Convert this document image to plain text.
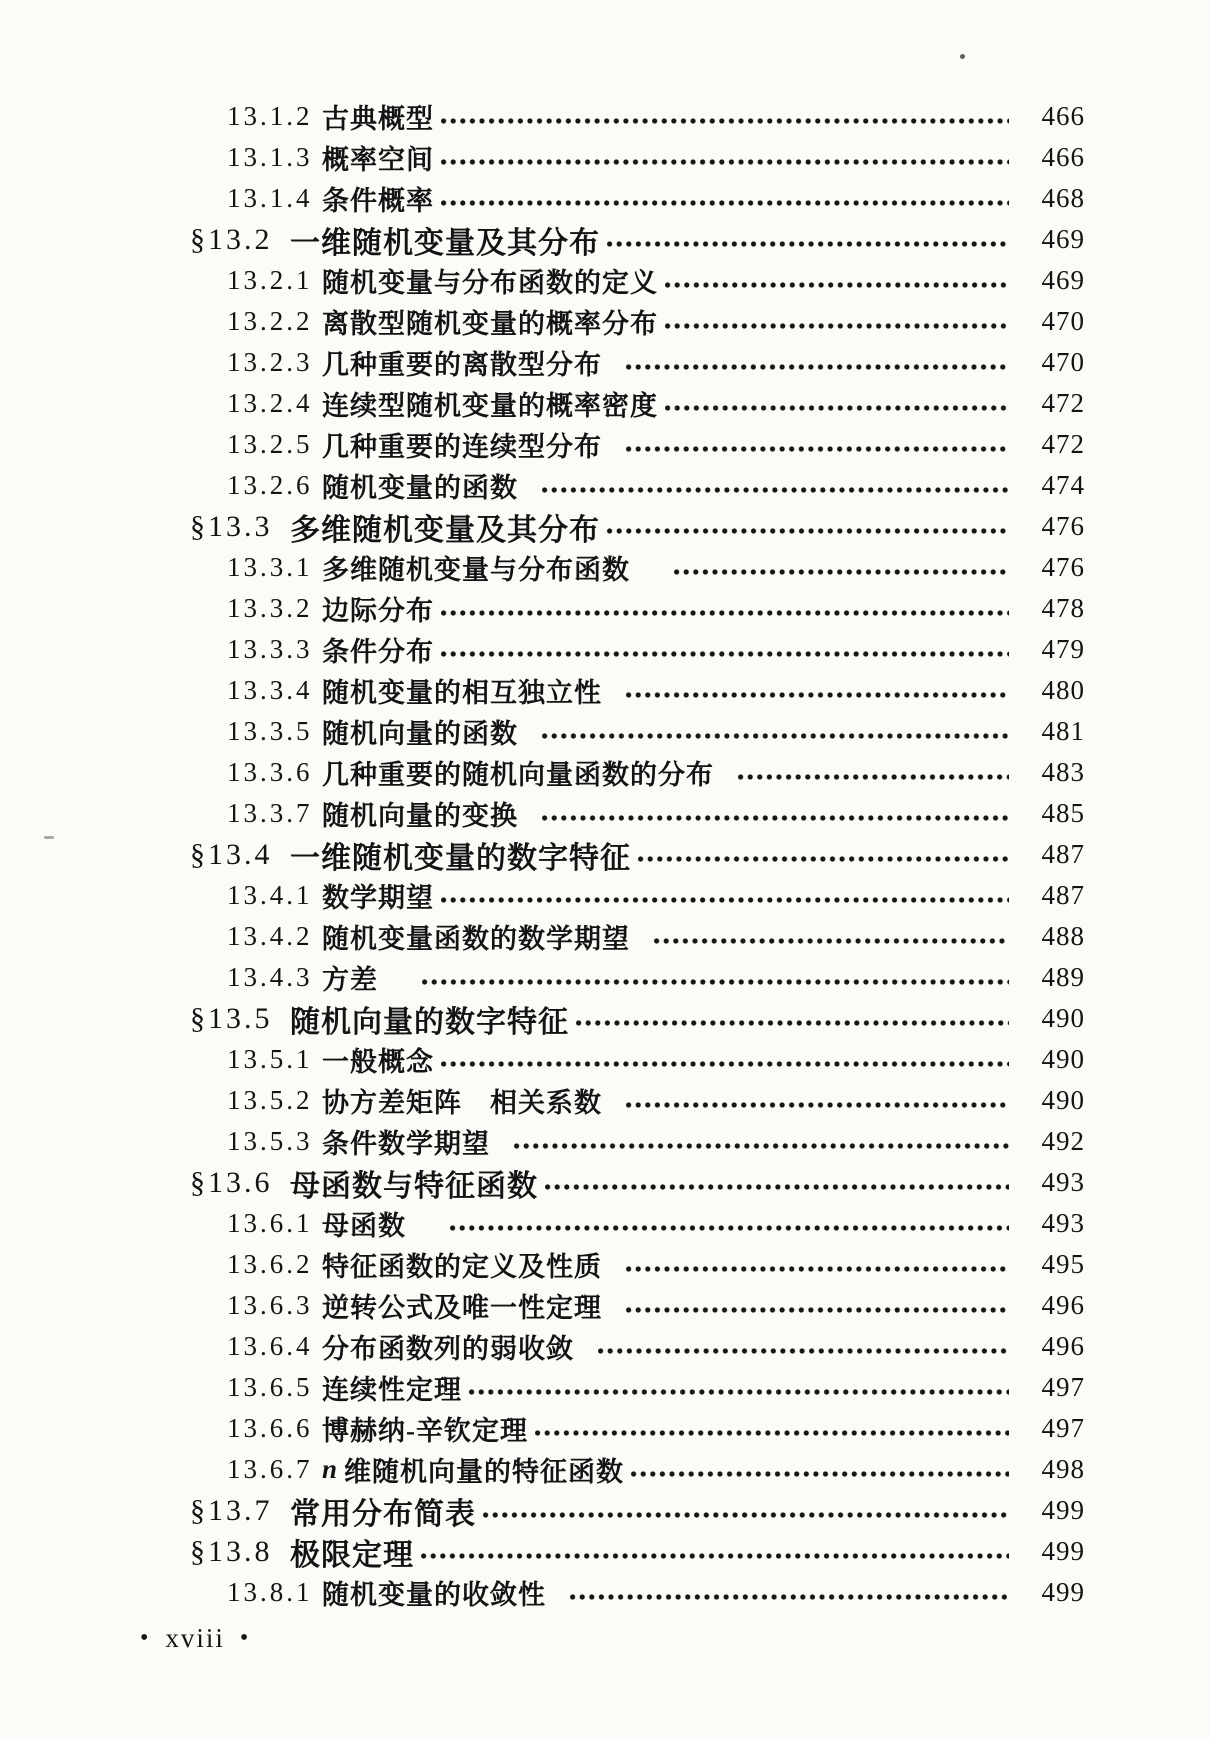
13.1.2 古典概型	466
13.1.3 概率空间	466
13.1.4 条件概率	468
§13.2 一维随机变量及其分布	469
13.2.1 随机变量与分布函数的定义	469
13.2.2 离散型随机变量的概率分布	470
13.2.3 几种重要的离散型分布	470
13.2.4 连续型随机变量的概率密度	472
13.2.5 几种重要的连续型分布	472
13.2.6 随机变量的函数	474
§13.3 多维随机变量及其分布	476
13.3.1 多维随机变量与分布函数	476
13.3.2 边际分布	478
13.3.3 条件分布	479
13.3.4 随机变量的相互独立性	480
13.3.5 随机向量的函数	481
13.3.6 几种重要的随机向量函数的分布	483
13.3.7 随机向量的变换	485
§13.4 一维随机变量的数字特征	487
13.4.1 数学期望	487
13.4.2 随机变量函数的数学期望	488
13.4.3 方差	489
§13.5 随机向量的数字特征	490
13.5.1 一般概念	490
13.5.2 协方差矩阵　相关系数	490
13.5.3 条件数学期望	492
§13.6 母函数与特征函数	493
13.6.1 母函数	493
13.6.2 特征函数的定义及性质	495
13.6.3 逆转公式及唯一性定理	496
13.6.4 分布函数列的弱收敛	496
13.6.5 连续性定理	497
13.6.6 博赫纳-辛钦定理	497
13.6.7 n 维随机向量的特征函数	498
§13.7 常用分布简表	499
§13.8 极限定理	499
13.8.1 随机变量的收敛性	499
• xviii •
